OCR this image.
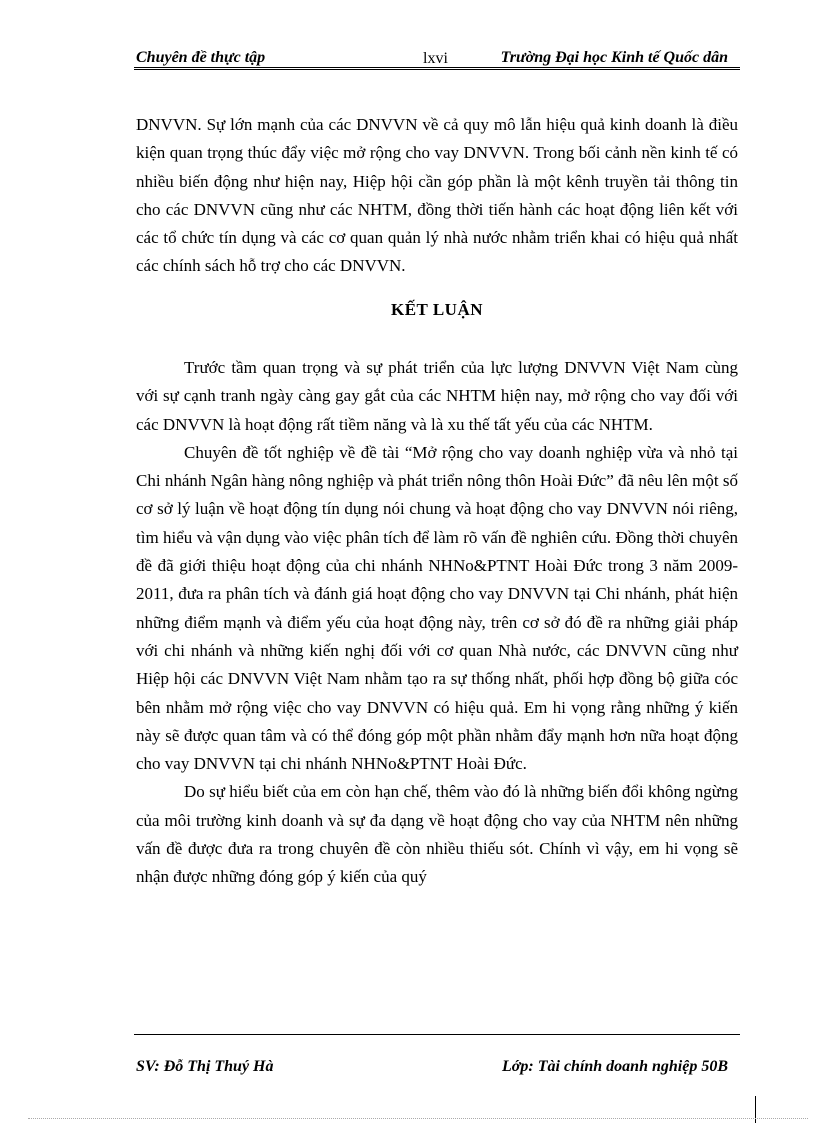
Chuyên đề thực tập	lxvi	Trường Đại học Kinh tế Quốc dân

DNVVN. Sự lớn mạnh của các DNVVN về cả quy mô lẫn hiệu quả kinh doanh là điều kiện quan trọng thúc đẩy việc mở rộng cho vay DNVVN. Trong bối cảnh nền kinh tế có nhiều biến động như hiện nay, Hiệp hội cần góp phần là một kênh truyền tải thông tin cho các DNVVN cũng như các NHTM, đồng thời tiến hành các hoạt động liên kết với các tổ chức tín dụng và các cơ quan quản lý nhà nước nhằm triển khai có hiệu quả nhất các chính sách hỗ trợ cho các DNVVN.

KẾT LUẬN

Trước tầm quan trọng và sự phát triển của lực lượng DNVVN Việt Nam cùng với sự cạnh tranh ngày càng gay gắt của các NHTM hiện nay, mở rộng cho vay đối với các DNVVN là hoạt động rất tiềm năng và là xu thế tất yếu của các NHTM.

Chuyên đề tốt nghiệp về đề tài “Mở rộng cho vay doanh nghiệp vừa và nhỏ tại Chi nhánh Ngân hàng nông nghiệp và phát triển nông thôn Hoài Đức” đã nêu lên một số cơ sở lý luận về hoạt động tín dụng nói chung và hoạt động cho vay DNVVN nói riêng, tìm hiểu và vận dụng vào việc phân tích để làm rõ vấn đề nghiên cứu. Đồng thời chuyên đề đã giới thiệu hoạt động của chi nhánh NHNo&PTNT Hoài Đức trong 3 năm 2009-2011, đưa ra phân tích và đánh giá hoạt động cho vay DNVVN tại Chi nhánh, phát hiện những điểm mạnh và điểm yếu của hoạt động này, trên cơ sở đó đề ra những giải pháp với chi nhánh và những kiến nghị đối với cơ quan Nhà nước, các DNVVN cũng như Hiệp hội các DNVVN Việt Nam nhằm tạo ra sự thống nhất, phối hợp đồng bộ giữa cóc bên nhằm mở rộng việc cho vay DNVVN có hiệu quả. Em hi vọng rằng những ý kiến này sẽ được quan tâm và có thể đóng góp một phần nhằm đẩy mạnh hơn nữa hoạt động cho vay DNVVN tại chi nhánh NHNo&PTNT Hoài Đức.

Do sự hiểu biết của em còn hạn chế, thêm vào đó là những biến đổi không ngừng của môi trường kinh doanh và sự đa dạng về hoạt động cho vay của NHTM nên những vấn đề được đưa ra trong chuyên đề còn nhiều thiếu sót. Chính vì vậy, em hi vọng sẽ nhận được những đóng góp ý kiến của quý

SV: Đỗ Thị Thuý Hà	Lớp: Tài chính doanh nghiệp 50B
